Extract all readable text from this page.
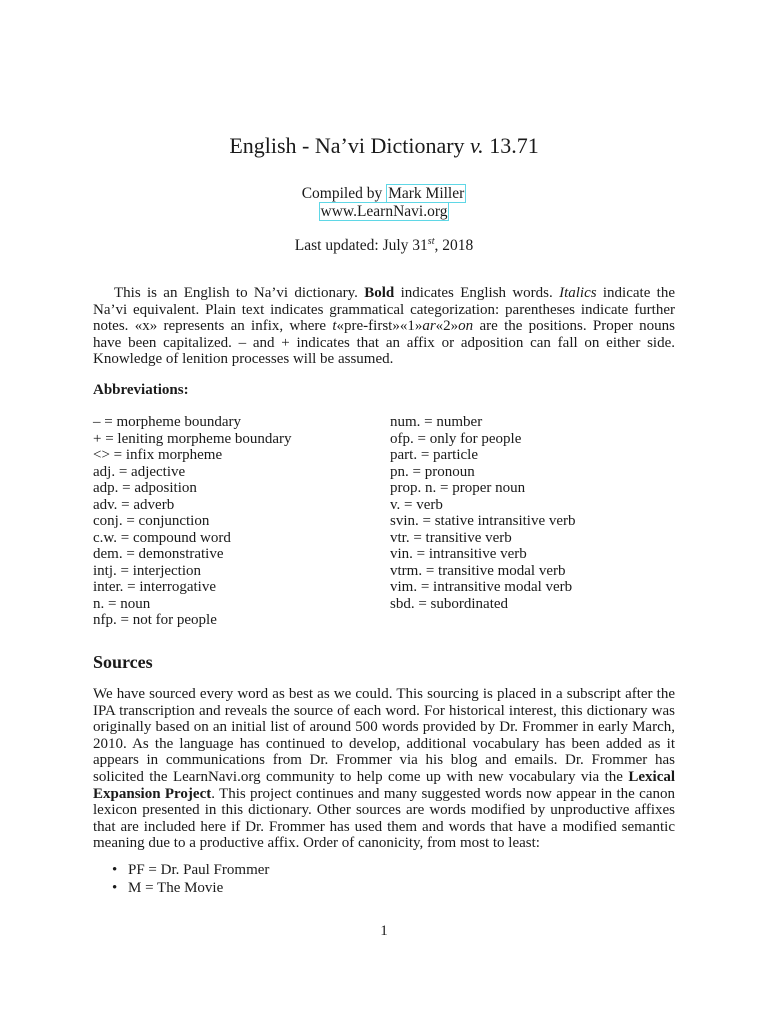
English - Na’vi Dictionary v. 13.71
Compiled by Mark Miller
www.LearnNavi.org
Last updated: July 31st, 2018

This is an English to Na’vi dictionary. Bold indicates English words. Italics indicate the Na’vi equivalent. Plain text indicates grammatical categorization: parentheses indicate further notes. «x» represents an infix, where t«pre-first»«1»ar«2»on are the positions. Proper nouns have been capitalized. – and + indicates that an affix or adposition can fall on either side. Knowledge of lenition processes will be assumed.

Abbreviations:
– = morpheme boundary
+ = leniting morpheme boundary
<> = infix morpheme
adj. = adjective
adp. = adposition
adv. = adverb
conj. = conjunction
c.w. = compound word
dem. = demonstrative
intj. = interjection
inter. = interrogative
n. = noun
nfp. = not for people
num. = number
ofp. = only for people
part. = particle
pn. = pronoun
prop. n. = proper noun
v. = verb
svin. = stative intransitive verb
vtr. = transitive verb
vin. = intransitive verb
vtrm. = transitive modal verb
vim. = intransitive modal verb
sbd. = subordinated
Sources

We have sourced every word as best as we could. This sourcing is placed in a subscript after the IPA transcription and reveals the source of each word. For historical interest, this dictionary was originally based on an initial list of around 500 words provided by Dr. Frommer in early March, 2010. As the language has continued to develop, additional vocabulary has been added as it appears in communications from Dr. Frommer via his blog and emails. Dr. Frommer has solicited the LearnNavi.org community to help come up with new vocabulary via the Lexical Expansion Project. This project continues and many suggested words now appear in the canon lexicon presented in this dictionary. Other sources are words modified by unproductive affixes that are included here if Dr. Frommer has used them and words that have a modified semantic meaning due to a productive affix. Order of canonicity, from most to least:

• PF = Dr. Paul Frommer
• M = The Movie
1
